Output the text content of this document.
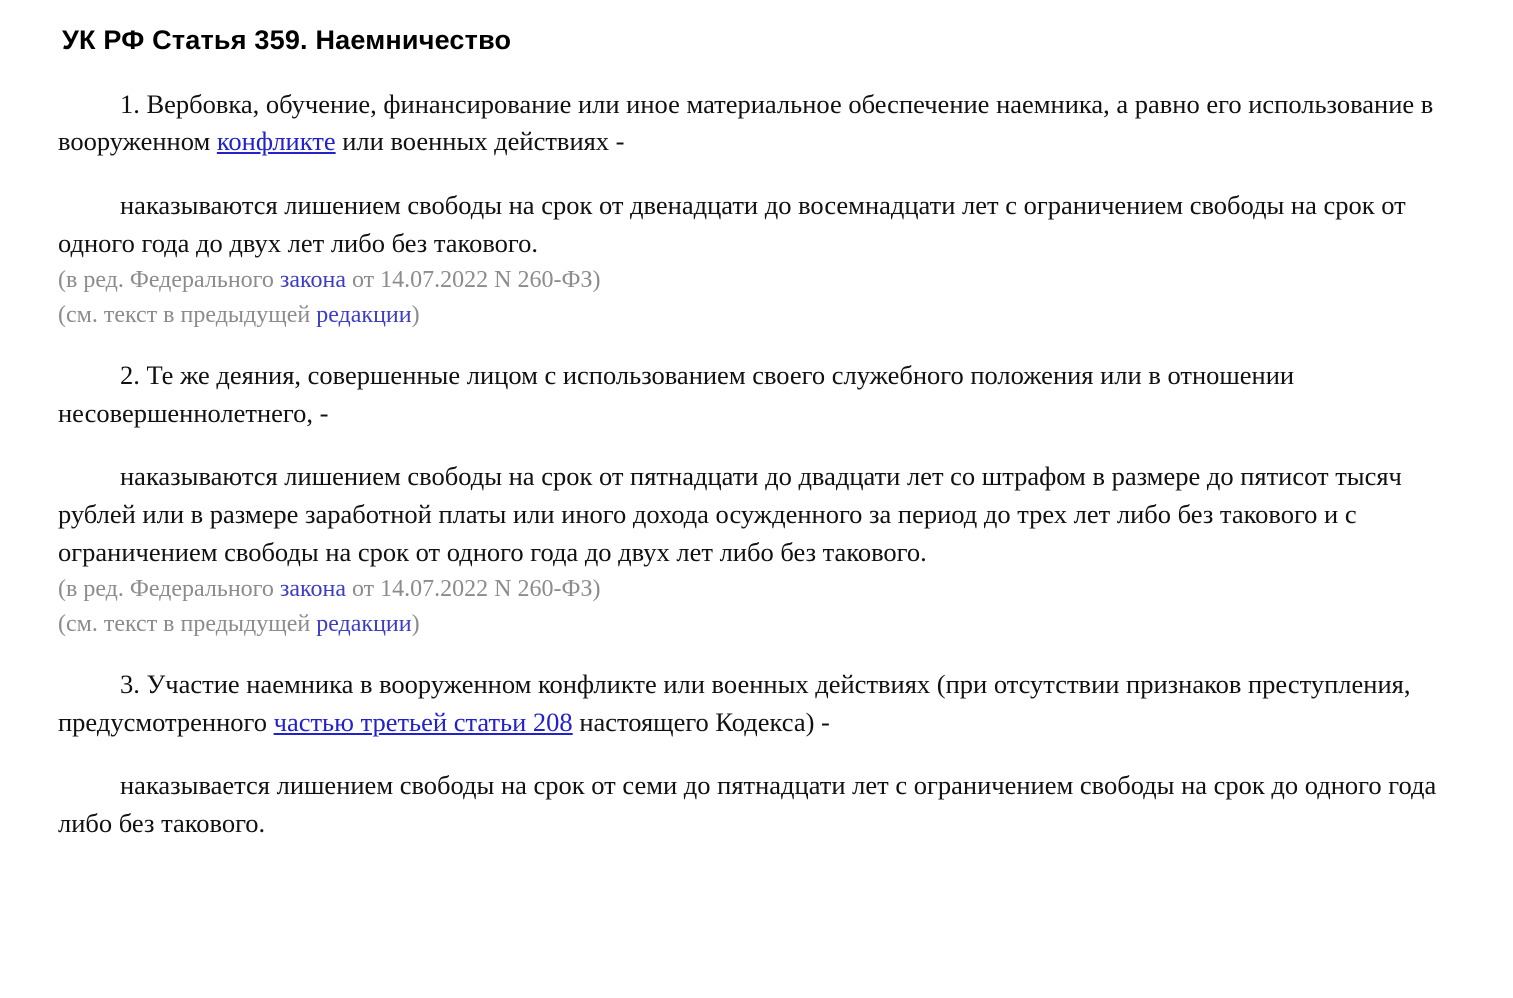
УК РФ Статья 359. Наемничество

1. Вербовка, обучение, финансирование или иное материальное обеспечение наемника, а равно его использование в вооруженном конфликте или военных действиях -

наказываются лишением свободы на срок от двенадцати до восемнадцати лет с ограничением свободы на срок от одного года до двух лет либо без такового.

(в ред. Федерального закона от 14.07.2022 N 260-ФЗ)

(см. текст в предыдущей редакции)

2. Те же деяния, совершенные лицом с использованием своего служебного положения или в отношении несовершеннолетнего, -

наказываются лишением свободы на срок от пятнадцати до двадцати лет со штрафом в размере до пятисот тысяч рублей или в размере заработной платы или иного дохода осужденного за период до трех лет либо без такового и с ограничением свободы на срок от одного года до двух лет либо без такового.

(в ред. Федерального закона от 14.07.2022 N 260-ФЗ)

(см. текст в предыдущей редакции)

3. Участие наемника в вооруженном конфликте или военных действиях (при отсутствии признаков преступления, предусмотренного частью третьей статьи 208 настоящего Кодекса) -

наказывается лишением свободы на срок от семи до пятнадцати лет с ограничением свободы на срок до одного года либо без такового.
